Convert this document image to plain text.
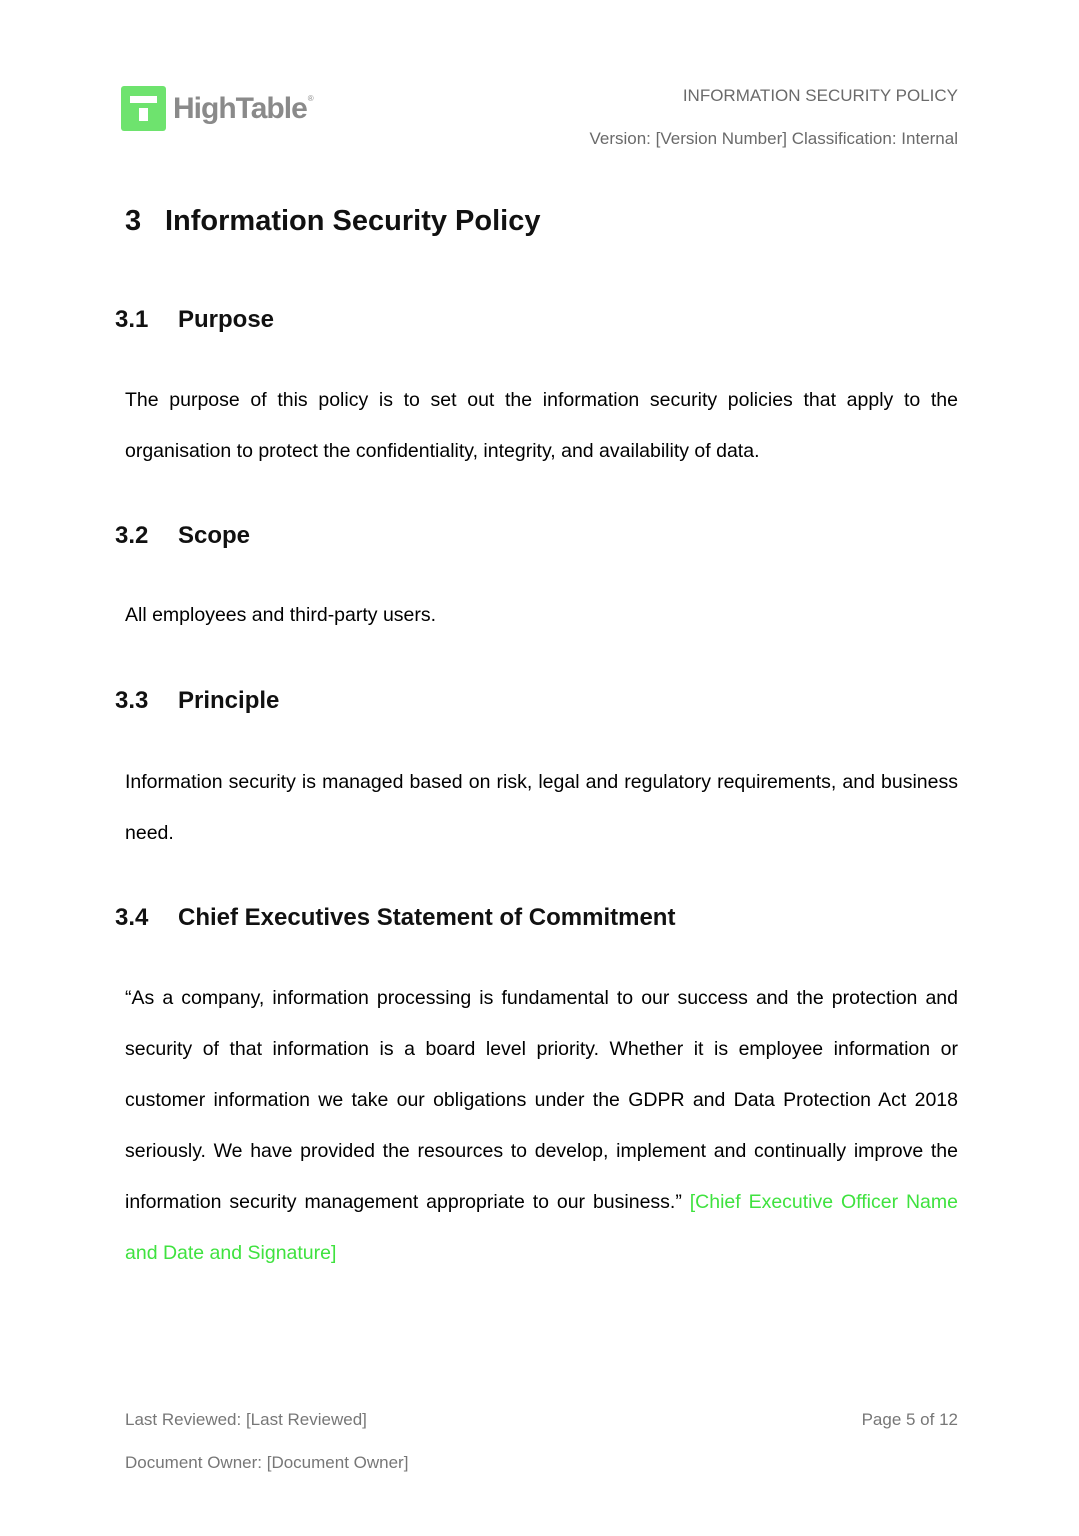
HighTable®	INFORMATION SECURITY POLICY
Version: [Version Number] Classification: Internal
3 Information Security Policy
3.1 Purpose

The purpose of this policy is to set out the information security policies that apply to the organisation to protect the confidentiality, integrity, and availability of data.

3.2 Scope

All employees and third-party users.

3.3 Principle

Information security is managed based on risk, legal and regulatory requirements, and business need.

3.4 Chief Executives Statement of Commitment

“As a company, information processing is fundamental to our success and the protection and security of that information is a board level priority. Whether it is employee information or customer information we take our obligations under the GDPR and Data Protection Act 2018 seriously. We have provided the resources to develop, implement and continually improve the information security management appropriate to our business.” [Chief Executive Officer Name and Date and Signature]

Last Reviewed: [Last Reviewed]	Page 5 of 12
Document Owner: [Document Owner]
